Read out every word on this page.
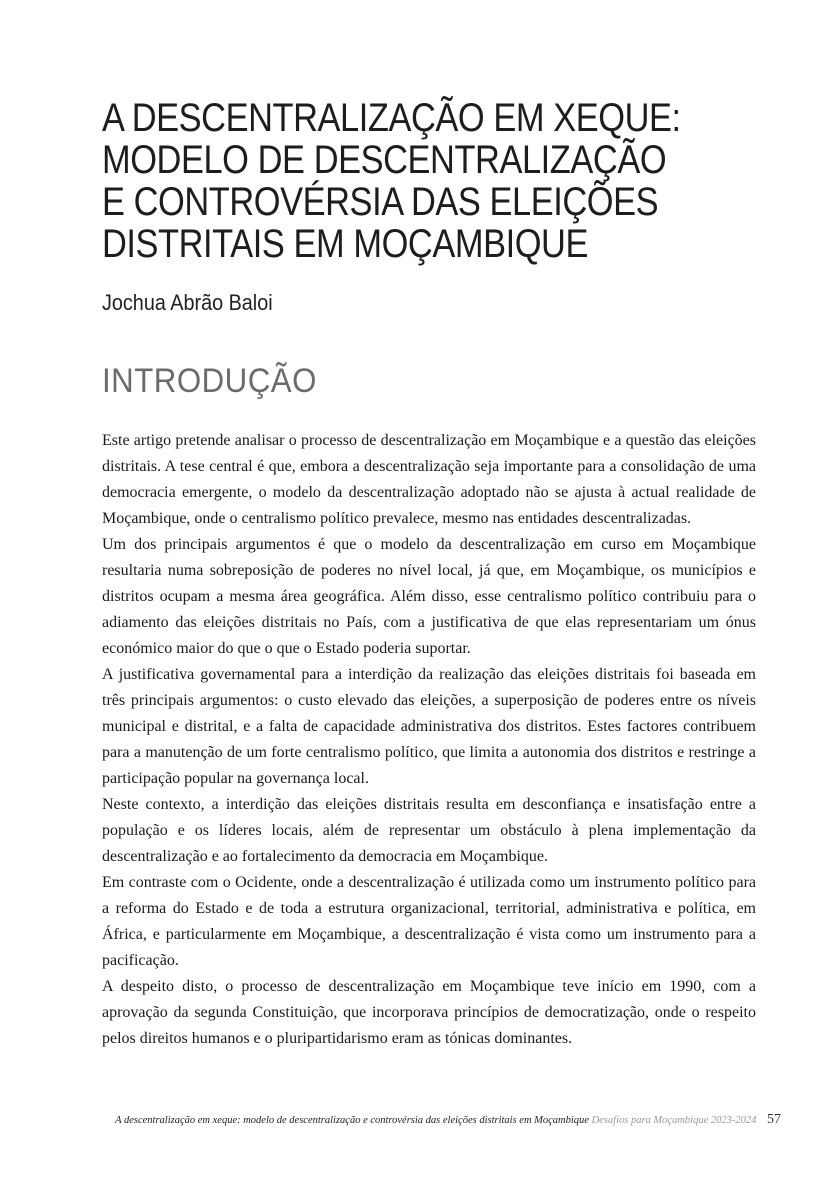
A DESCENTRALIZAÇÃO EM XEQUE:
MODELO DE DESCENTRALIZAÇÃO
E CONTROVÉRSIA DAS ELEIÇÕES
DISTRITAIS EM MOÇAMBIQUE

Jochua Abrão Baloi

INTRODUÇÃO

Este artigo pretende analisar o processo de descentralização em Moçambique e a questão das eleições distritais. A tese central é que, embora a descentralização seja importante para a consolidação de uma democracia emergente, o modelo da descentralização adoptado não se ajusta à actual realidade de Moçambique, onde o centralismo político prevalece, mesmo nas entidades descentralizadas.

Um dos principais argumentos é que o modelo da descentralização em curso em Moçambique resultaria numa sobreposição de poderes no nível local, já que, em Moçambique, os municípios e distritos ocupam a mesma área geográfica. Além disso, esse centralismo político contribuiu para o adiamento das eleições distritais no País, com a justificativa de que elas representariam um ónus económico maior do que o que o Estado poderia suportar.

A justificativa governamental para a interdição da realização das eleições distritais foi baseada em três principais argumentos: o custo elevado das eleições, a superposição de poderes entre os níveis municipal e distrital, e a falta de capacidade administrativa dos distritos. Estes factores contribuem para a manutenção de um forte centralismo político, que limita a autonomia dos distritos e restringe a participação popular na governança local.

Neste contexto, a interdição das eleições distritais resulta em desconfiança e insatisfação entre a população e os líderes locais, além de representar um obstáculo à plena implementação da descentralização e ao fortalecimento da democracia em Moçambique.

Em contraste com o Ocidente, onde a descentralização é utilizada como um instrumento político para a reforma do Estado e de toda a estrutura organizacional, territorial, administrativa e política, em África, e particularmente em Moçambique, a descentralização é vista como um instrumento para a pacificação.

A despeito disto, o processo de descentralização em Moçambique teve início em 1990, com a aprovação da segunda Constituição, que incorporava princípios de democratização, onde o respeito pelos direitos humanos e o pluripartidarismo eram as tónicas dominantes.

A descentralização em xeque: modelo de descentralização e controvérsia das eleições distritais em Moçambique Desafios para Moçambique 2023-2024 57
